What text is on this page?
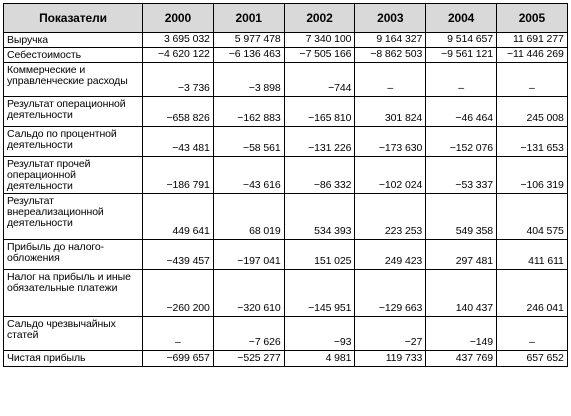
Показатели	2000	2001	2002	2003	2004	2005
Выручка	3 695 032	5 977 478	7 340 100	9 164 327	9 514 657	11 691 277
Себестоимость	−4 620 122	−6 136 463	−7 505 166	−8 862 503	−9 561 121	−11 446 269
Коммерческие и управленческие расходы	−3 736	−3 898	−744	–	–	–
Результат операционной деятельности	−658 826	−162 883	−165 810	301 824	−46 464	245 008
Сальдо по процентной деятельности	−43 481	−58 561	−131 226	−173 630	−152 076	−131 653
Результат прочей операционной деятельности	−186 791	−43 616	−86 332	−102 024	−53 337	−106 319
Результат внереализационной деятельности	449 641	68 019	534 393	223 253	549 358	404 575
Прибыль до налого-обложения	−439 457	−197 041	151 025	249 423	297 481	411 611
Налог на прибыль и иные обязательные платежи	−260 200	−320 610	−145 951	−129 663	140 437	246 041
Сальдо чрезвычайных статей	–	−7 626	−93	−27	−149	–
Чистая прибыль	−699 657	−525 277	4 981	119 733	437 769	657 652
